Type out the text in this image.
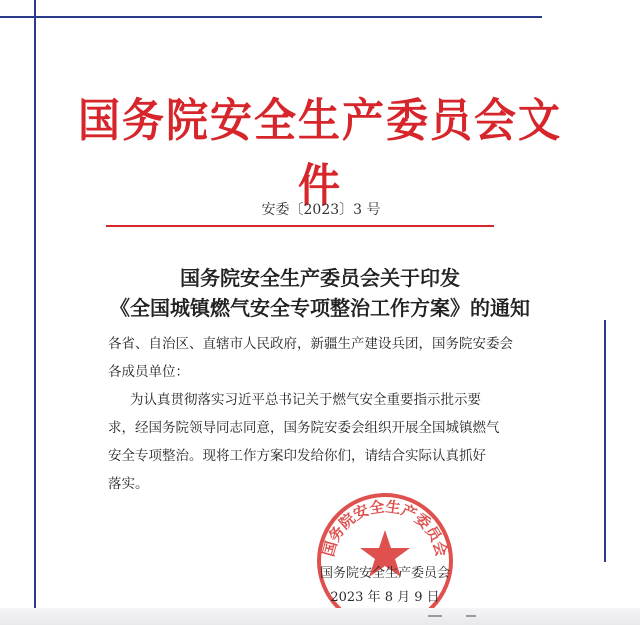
国务院安全生产委员会文件
安委〔2023〕3 号
国务院安全生产委员会关于印发
《全国城镇燃气安全专项整治工作方案》的通知
各省、自治区、直辖市人民政府，新疆生产建设兵团，国务院安委会
各成员单位：
为认真贯彻落实习近平总书记关于燃气安全重要指示批示要
求，经国务院领导同志同意，国务院安委会组织开展全国城镇燃气
安全专项整治。现将工作方案印发给你们，请结合实际认真抓好
落实。
国务院安全生产委员会
国务院安全生产委员会
2023 年 8 月 9 日
